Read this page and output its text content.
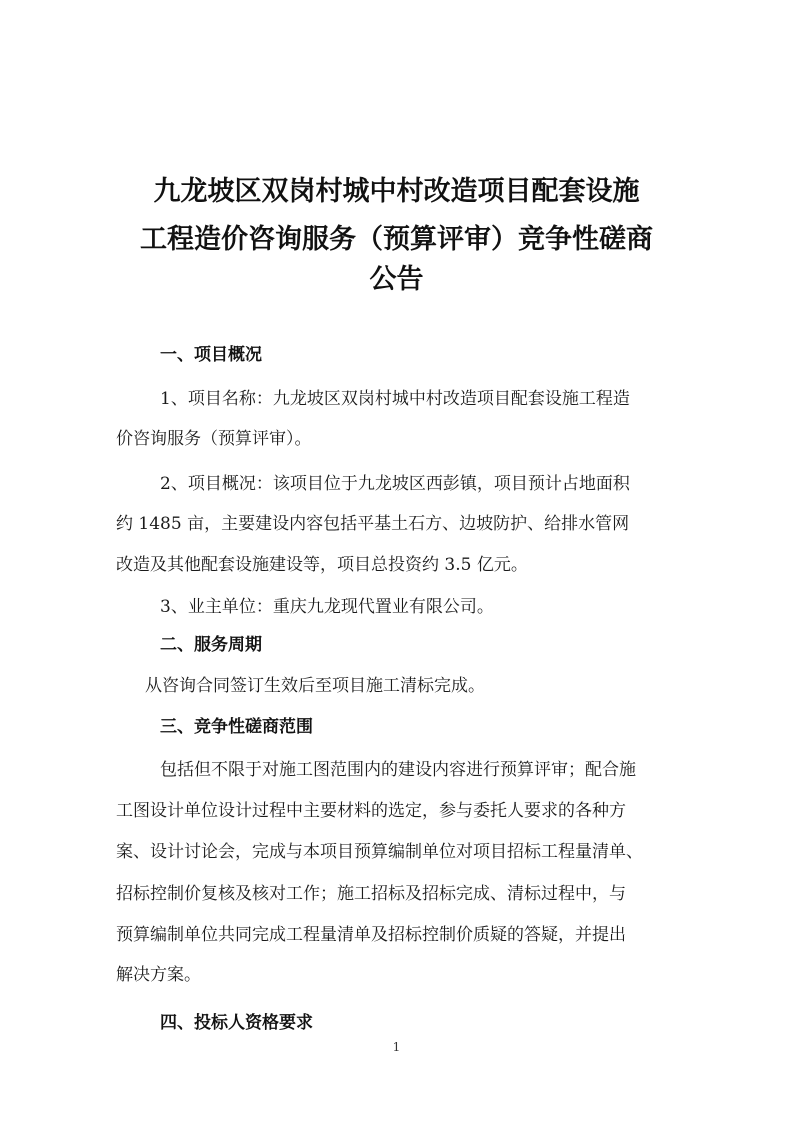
九龙坡区双岗村城中村改造项目配套设施

工程造价咨询服务（预算评审）竞争性磋商

公告

一、项目概况

1、项目名称：九龙坡区双岗村城中村改造项目配套设施工程造

价咨询服务（预算评审）。

2、项目概况：该项目位于九龙坡区西彭镇，项目预计占地面积

约 1485 亩，主要建设内容包括平基土石方、边坡防护、给排水管网

改造及其他配套设施建设等，项目总投资约 3.5 亿元。

3、业主单位：重庆九龙现代置业有限公司。

二、服务周期

从咨询合同签订生效后至项目施工清标完成。

三、竞争性磋商范围

包括但不限于对施工图范围内的建设内容进行预算评审；配合施

工图设计单位设计过程中主要材料的选定，参与委托人要求的各种方

案、设计讨论会，完成与本项目预算编制单位对项目招标工程量清单、

招标控制价复核及核对工作；施工招标及招标完成、清标过程中，与

预算编制单位共同完成工程量清单及招标控制价质疑的答疑，并提出

解决方案。

四、投标人资格要求

1
